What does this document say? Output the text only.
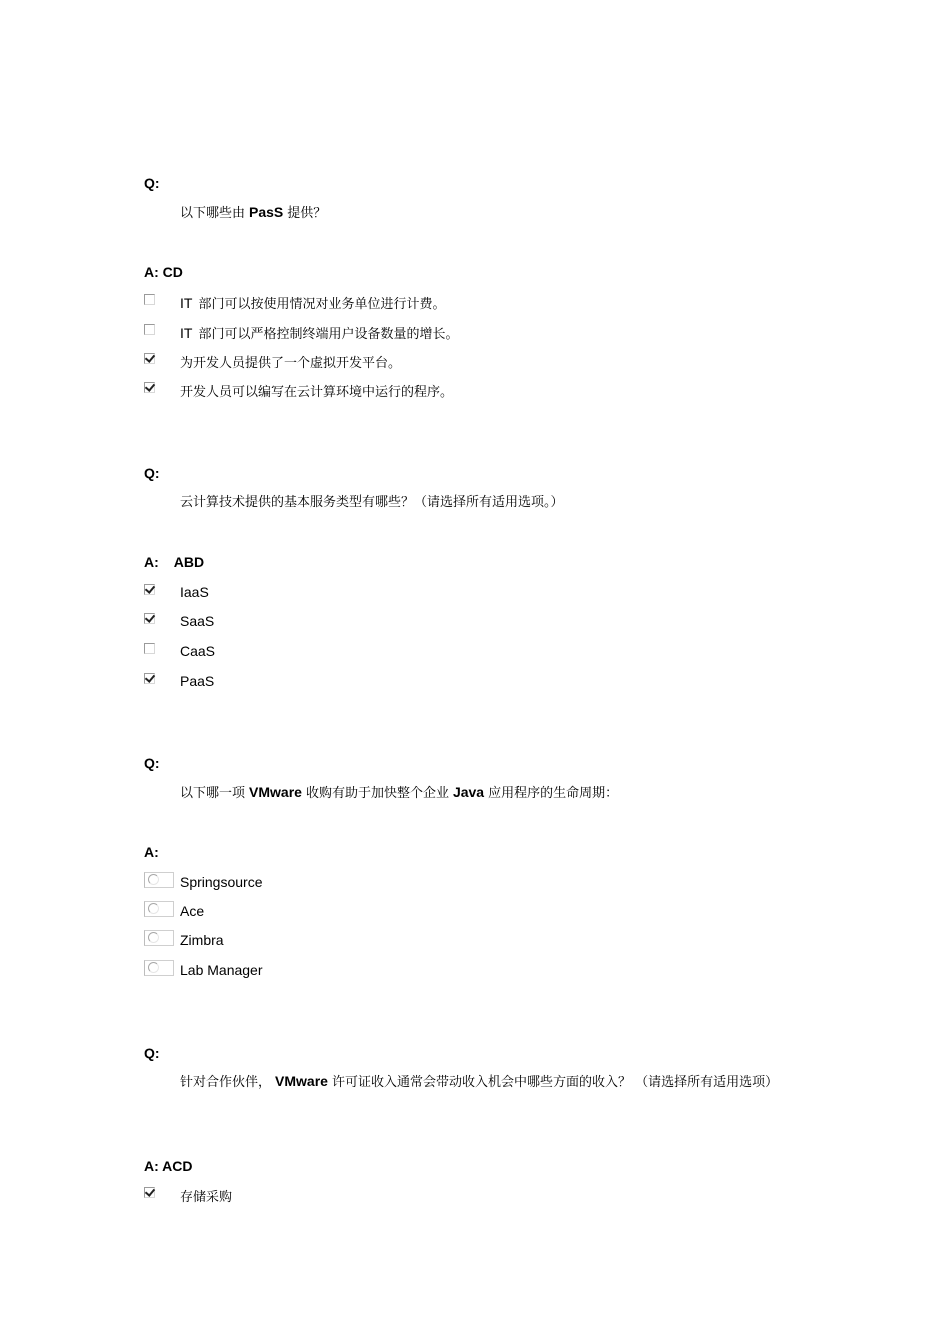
Q:
以下哪些由 PasS 提供？
A: CD
IT 部门可以按使用情况对业务单位进行计费。
IT 部门可以严格控制终端用户设备数量的增长。
为开发人员提供了一个虚拟开发平台。
开发人员可以编写在云计算环境中运行的程序。
Q:
云计算技术提供的基本服务类型有哪些？（请选择所有适用选项。）
A:    ABD
IaaS
SaaS
CaaS
PaaS
Q:
以下哪一项 VMware 收购有助于加快整个企业 Java 应用程序的生命周期：
A:
Springsource
Ace
Zimbra
Lab Manager
Q:
针对合作伙伴， VMware 许可证收入通常会带动收入机会中哪些方面的收入？ （请选择所有适用选项）
A: ACD
存储采购
